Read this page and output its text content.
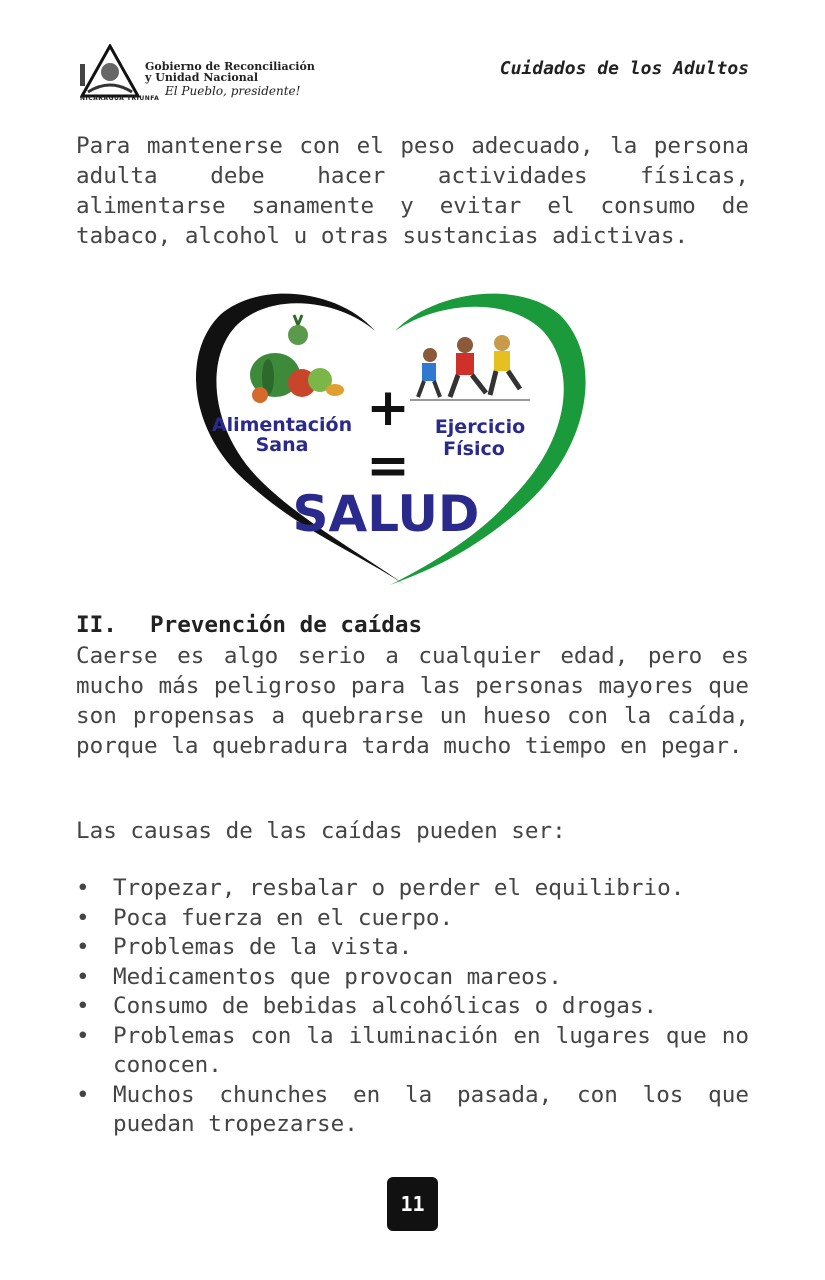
Gobierno de Reconciliación
y Unidad Nacional
El Pueblo, presidente!
NICARAGUA TRIUNFA
Cuidados de los Adultos

Para mantenerse con el peso adecuado, la persona adulta debe hacer actividades físicas, alimentarse sanamente y evitar el consumo de tabaco, alcohol u otras sustancias adictivas.

Alimentación
Sana
+ Ejercicio
Físico
=
SALUD
II. Prevención de caídas

Caerse es algo serio a cualquier edad, pero es mucho más peligroso para las personas mayores que son propensas a quebrarse un hueso con la caída, porque la quebradura tarda mucho tiempo en pegar.

Las causas de las caídas pueden ser:

• Tropezar, resbalar o perder el equilibrio.
• Poca fuerza en el cuerpo.
• Problemas de la vista.
• Medicamentos que provocan mareos.
• Consumo de bebidas alcohólicas o drogas.
• Problemas con la iluminación en lugares que no conocen.
• Muchos chunches en la pasada, con los que puedan tropezarse.
11
